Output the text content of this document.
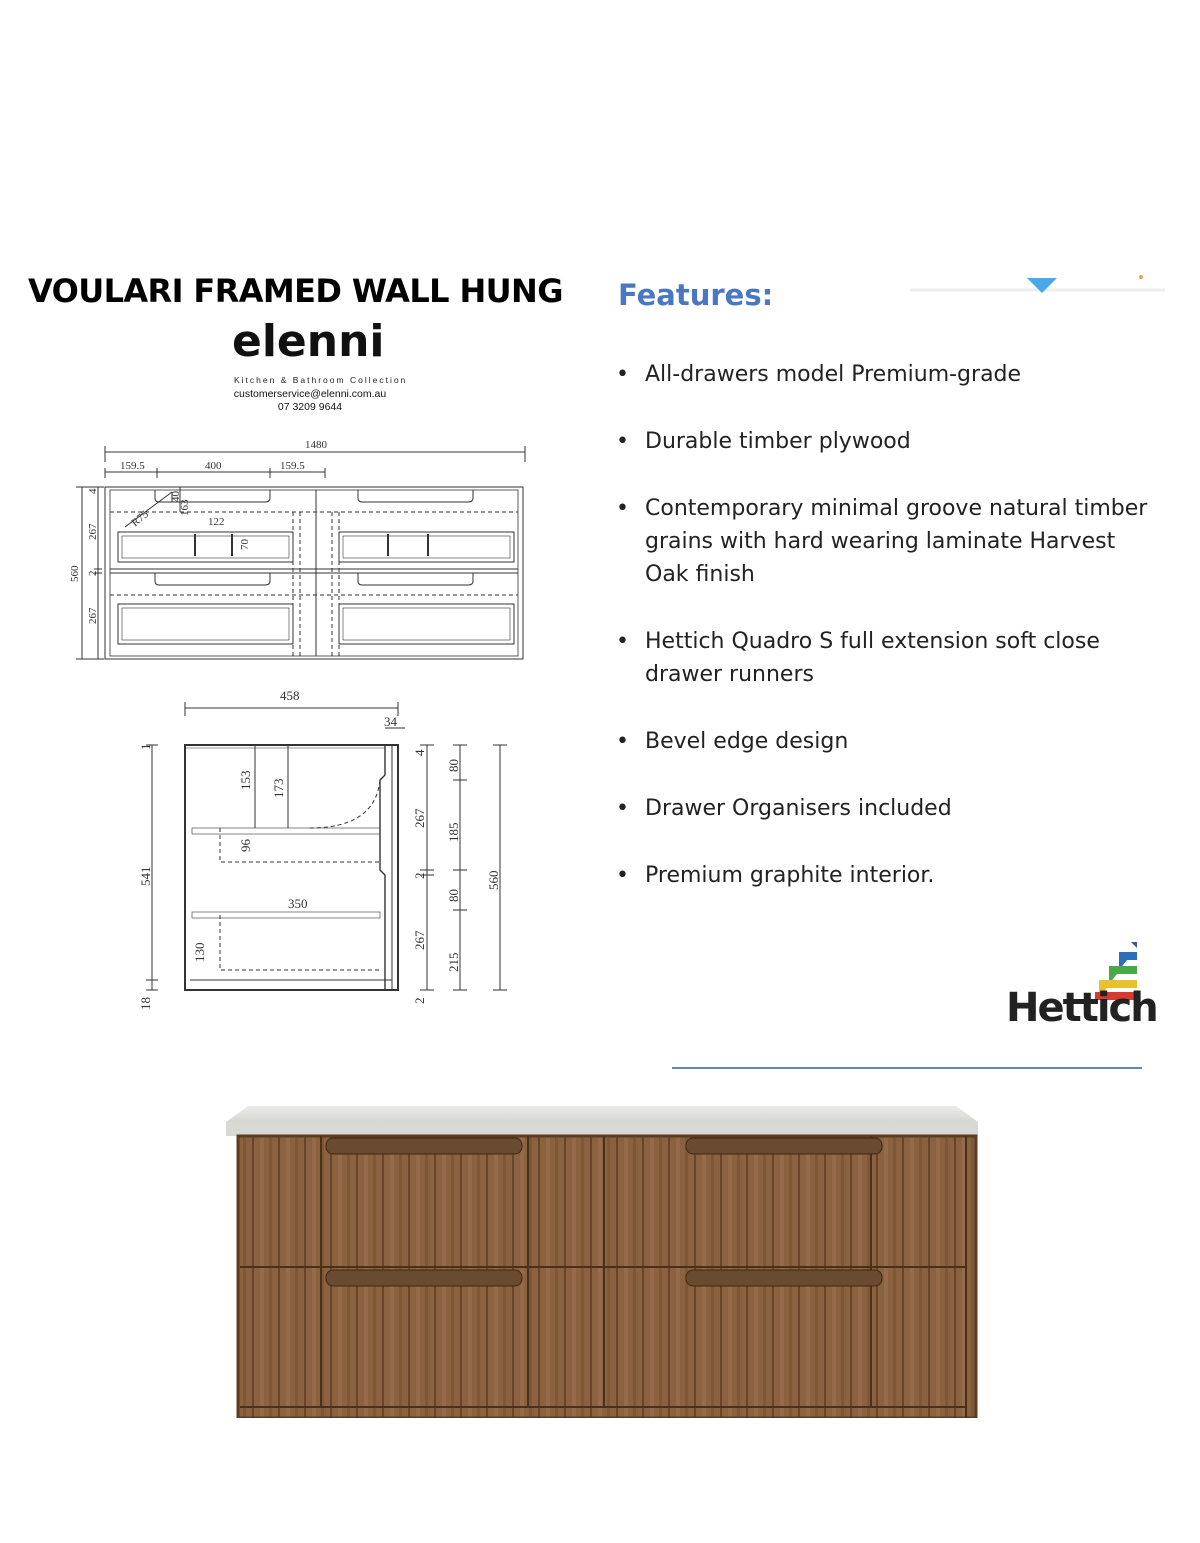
VOULARI FRAMED WALL HUNG
elenni
Kitchen & Bathroom Collection
customerservice@elenni.com.au
07 3209 9644
Features:
• All-drawers model Premium-grade
• Durable timber plywood
• Contemporary minimal groove natural timber grains with hard wearing laminate Harvest Oak finish
• Hettich Quadro S full extension soft close drawer runners
• Bevel edge design
• Drawer Organisers included
• Premium graphite interior.
1480
159.5	400	159.5
122
70
R75
40
163
560
267
2
267
4
458
34
153 173
96
350
130
541
18
1
4
267
2
267
2
80
185
80
215
560
Hettich
